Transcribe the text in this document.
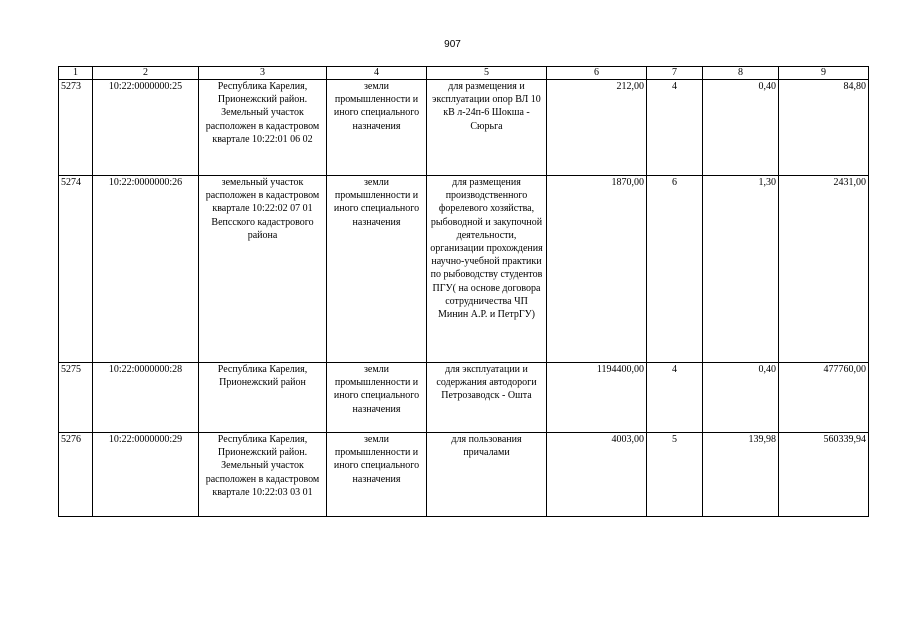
907
1	2	3	4	5	6	7	8	9
5273	10:22:0000000:25	Республика Карелия, Прионежский район. Земельный участок расположен в кадастровом квартале 10:22:01 06 02	земли промышленности и иного специального назначения	для размещения и эксплуатации опор ВЛ 10 кВ л-24п-6 Шокша - Сюрьга	212,00	4	0,40	84,80
5274	10:22:0000000:26	земельный участок расположен в кадастровом квартале 10:22:02 07 01 Вепсского кадастрового района	земли промышленности и иного специального назначения	для размещения производственного форелевого хозяйства, рыбоводной и закупочной деятельности, организации прохождения научно-учебной практики по рыбоводству студентов ПГУ( на основе договора сотрудничества ЧП Минин А.Р. и ПетрГУ)	1870,00	6	1,30	2431,00
5275	10:22:0000000:28	Республика Карелия, Прионежский район	земли промышленности и иного специального назначения	для эксплуатации и содержания автодороги Петрозаводск - Ошта	1194400,00	4	0,40	477760,00
5276	10:22:0000000:29	Республика Карелия, Прионежский район. Земельный участок расположен в кадастровом квартале 10:22:03 03 01	земли промышленности и иного специального назначения	для пользования причалами	4003,00	5	139,98	560339,94
